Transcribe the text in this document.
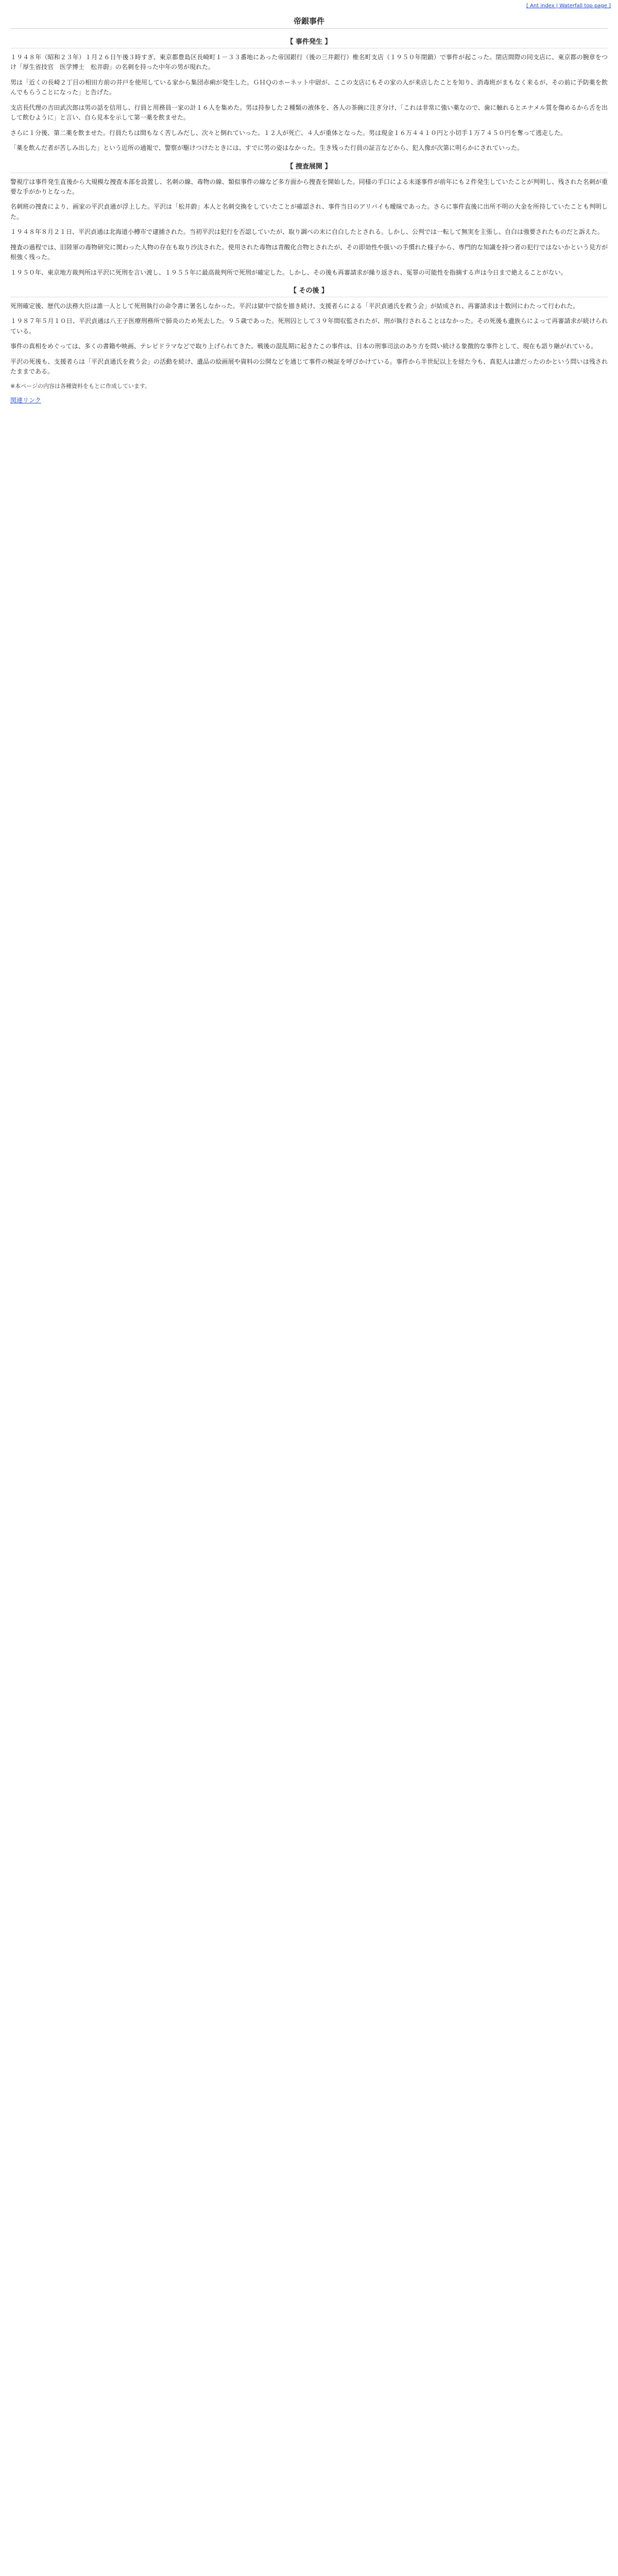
[ Ant index | Waterfall top page ]
帝銀事件
【 事件発生 】

１９４８年（昭和２３年）１月２６日午後３時すぎ、東京都豊島区長崎町１－３３番地にあった帝国銀行（後の三井銀行）椎名町支店（１９５０年閉鎖）で事件が起こった。閉店間際の同支店に、東京都の腕章をつけ「厚生省技官　医学博士　松井蔚」の名刺を持った中年の男が現れた。

男は「近くの長崎２丁目の相田方前の井戸を使用している家から集団赤痢が発生した。ＧＨＱのホーネット中尉が、ここの支店にもその家の人が来店したことを知り、消毒班がまもなく来るが、その前に予防薬を飲んでもらうことになった」と告げた。

支店長代理の吉田武次郎は男の話を信用し、行員と用務員一家の計１６人を集めた。男は持参した２種類の液体を、各人の茶碗に注ぎ分け、「これは非常に強い薬なので、歯に触れるとエナメル質を傷めるから舌を出して飲むように」と言い、自ら見本を示して第一薬を飲ませた。

さらに１分後、第二薬を飲ませた。行員たちは間もなく苦しみだし、次々と倒れていった。１２人が死亡、４人が重体となった。男は現金１６万４４１０円と小切手１万７４５０円を奪って逃走した。

「薬を飲んだ者が苦しみ出した」という近所の通報で、警察が駆けつけたときには、すでに男の姿はなかった。生き残った行員の証言などから、犯人像が次第に明らかにされていった。

【 捜査展開 】

警視庁は事件発生直後から大規模な捜査本部を設置し、名刺の線、毒物の線、類似事件の線など多方面から捜査を開始した。同様の手口による未遂事件が前年にも２件発生していたことが判明し、残された名刺が重要な手がかりとなった。

名刺班の捜査により、画家の平沢貞通が浮上した。平沢は「松井蔚」本人と名刺交換をしていたことが確認され、事件当日のアリバイも曖昧であった。さらに事件直後に出所不明の大金を所持していたことも判明した。

１９４８年８月２１日、平沢貞通は北海道小樽市で逮捕された。当初平沢は犯行を否認していたが、取り調べの末に自白したとされる。しかし、公判では一転して無実を主張し、自白は強要されたものだと訴えた。

捜査の過程では、旧陸軍の毒物研究に関わった人物の存在も取り沙汰された。使用された毒物は青酸化合物とされたが、その即効性や扱いの手慣れた様子から、専門的な知識を持つ者の犯行ではないかという見方が根強く残った。

１９５０年、東京地方裁判所は平沢に死刑を言い渡し、１９５５年に最高裁判所で死刑が確定した。しかし、その後も再審請求が繰り返され、冤罪の可能性を指摘する声は今日まで絶えることがない。

【 その後 】

死刑確定後、歴代の法務大臣は誰一人として死刑執行の命令書に署名しなかった。平沢は獄中で絵を描き続け、支援者らによる「平沢貞通氏を救う会」が結成され、再審請求は十数回にわたって行われた。

１９８７年５月１０日、平沢貞通は八王子医療刑務所で肺炎のため死去した。９５歳であった。死刑囚として３９年間収監されたが、刑が執行されることはなかった。その死後も遺族らによって再審請求が続けられている。

事件の真相をめぐっては、多くの書籍や映画、テレビドラマなどで取り上げられてきた。戦後の混乱期に起きたこの事件は、日本の刑事司法のあり方を問い続ける象徴的な事件として、現在も語り継がれている。

平沢の死後も、支援者らは「平沢貞通氏を救う会」の活動を続け、遺品の絵画展や資料の公開などを通じて事件の検証を呼びかけている。事件から半世紀以上を経た今も、真犯人は誰だったのかという問いは残されたままである。

※本ページの内容は各種資料をもとに作成しています。

関連リンク
